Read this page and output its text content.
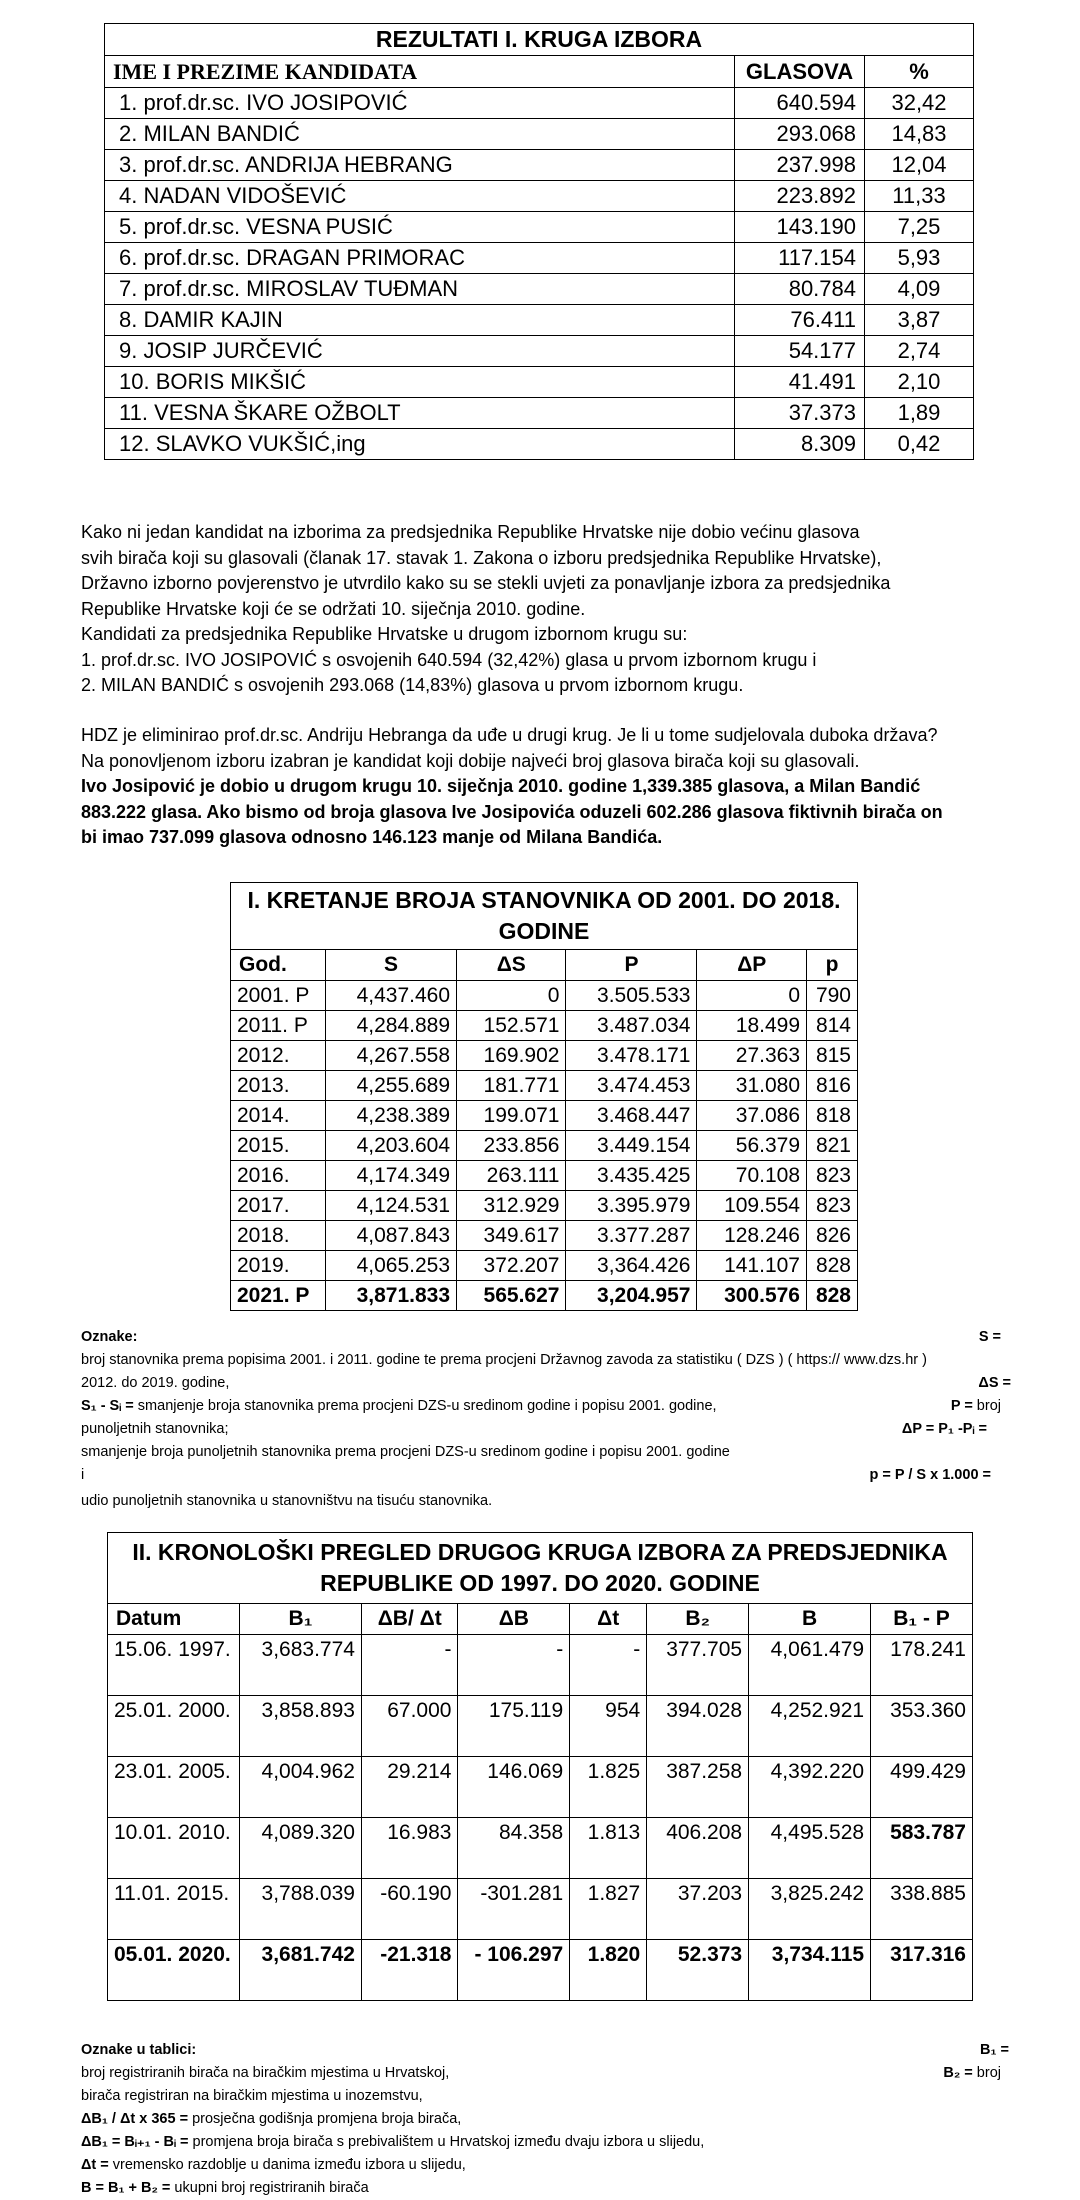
REZULTATI I. KRUGA IZBORA		
IME I PREZIME KANDIDATA	GLASOVA	%
1. prof.dr.sc. IVO JOSIPOVIĆ	640.594	32,42
2. MILAN BANDIĆ	293.068	14,83
3. prof.dr.sc. ANDRIJA HEBRANG	237.998	12,04
4. NADAN VIDOŠEVIĆ	223.892	11,33
5. prof.dr.sc. VESNA PUSIĆ	143.190	7,25
6. prof.dr.sc. DRAGAN PRIMORAC	117.154	5,93
7. prof.dr.sc. MIROSLAV TUĐMAN	80.784	4,09
8. DAMIR KAJIN	76.411	3,87
9. JOSIP JURČEVIĆ	54.177	2,74
10. BORIS MIKŠIĆ	41.491	2,10
11. VESNA ŠKARE OŽBOLT	37.373	1,89
12. SLAVKO VUKŠIĆ,ing	8.309	0,42
Kako ni jedan kandidat na izborima za predsjednika Republike Hrvatske nije dobio većinu glasova
svih birača koji su glasovali (članak 17. stavak 1. Zakona o izboru predsjednika Republike Hrvatske),
Državno izborno povjerenstvo je utvrdilo kako su se stekli uvjeti za ponavljanje izbora za predsjednika
Republike Hrvatske koji će se održati 10. siječnja 2010. godine.
Kandidati za predsjednika Republike Hrvatske u drugom izbornom krugu su:
1. prof.dr.sc. IVO JOSIPOVIĆ s osvojenih 640.594 (32,42%) glasa u prvom izbornom krugu i
2. MILAN BANDIĆ s osvojenih 293.068 (14,83%) glasova u prvom izbornom krugu.
HDZ je eliminirao prof.dr.sc. Andriju Hebranga da uđe u drugi krug. Je li u tome sudjelovala duboka država?
Na ponovljenom izboru izabran je kandidat koji dobije najveći broj glasova birača koji su glasovali.
Ivo Josipović je dobio u drugom krugu 10. siječnja 2010. godine 1,339.385 glasova, a Milan Bandić
883.222 glasa. Ako bismo od broja glasova Ive Josipovića oduzeli 602.286 glasova fiktivnih birača on
bi imao 737.099 glasova odnosno 146.123 manje od Milana Bandića.
I. KRETANJE BROJA STANOVNIKA OD 2001. DO 2018. GODINE					
God.	S	ΔS	P	ΔP	p
2001. P	4,437.460	0	3.505.533	0	790
2011. P	4,284.889	152.571	3.487.034	18.499	814
2012.	4,267.558	169.902	3.478.171	27.363	815
2013.	4,255.689	181.771	3.474.453	31.080	816
2014.	4,238.389	199.071	3.468.447	37.086	818
2015.	4,203.604	233.856	3.449.154	56.379	821
2016.	4,174.349	263.111	3.435.425	70.108	823
2017.	4,124.531	312.929	3.395.979	109.554	823
2018.	4,087.843	349.617	3.377.287	128.246	826
2019.	4,065.253	372.207	3,364.426	141.107	828
2021. P	3,871.833	565.627	3,204.957	300.576	828
Oznake:	S =
broj stanovnika prema popisima 2001. i 2011. godine te prema procjeni Državnog zavoda za statistiku ( DZS ) ( https:// www.dzs.hr )
2012. do 2019. godine,	ΔS =
S₁ - Sᵢ = smanjenje broja stanovnika prema procjeni DZS-u sredinom godine i popisu 2001. godine,	P = broj
punoljetnih stanovnika;	ΔP = P₁ -Pᵢ =
smanjenje broja punoljetnih stanovnika prema procjeni DZS-u sredinom godine i popisu 2001. godine
i	p = P / S x 1.000 =
udio punoljetnih stanovnika u stanovništvu na tisuću stanovnika.
II. KRONOLOŠKI PREGLED DRUGOG KRUGA IZBORA ZA PREDSJEDNIKA REPUBLIKE OD 1997. DO 2020. GODINE							
Datum	B₁	ΔB/ Δt	ΔB	Δt	B₂	B	B₁ - P
15.06. 1997.	3,683.774	-	-	-	377.705	4,061.479	178.241
25.01. 2000.	3,858.893	67.000	175.119	954	394.028	4,252.921	353.360
23.01. 2005.	4,004.962	29.214	146.069	1.825	387.258	4,392.220	499.429
10.01. 2010.	4,089.320	16.983	84.358	1.813	406.208	4,495.528	583.787
11.01. 2015.	3,788.039	-60.190	-301.281	1.827	37.203	3,825.242	338.885
05.01. 2020.	3,681.742	-21.318	- 106.297	1.820	52.373	3,734.115	317.316
Oznake u tablici:	B₁ =
broj registriranih birača na biračkim mjestima u Hrvatskoj,	B₂ = broj
birača registriran na biračkim mjestima u inozemstvu,
ΔB₁ / Δt x 365 = prosječna godišnja promjena broja birača,
ΔB₁ = Bᵢ₊₁ - Bᵢ = promjena broja birača s prebivalištem u Hrvatskoj između dvaju izbora u slijedu,
Δt = vremensko razdoblje u danima između izbora u slijedu,
B = B₁ + B₂ = ukupni broj registriranih birača
